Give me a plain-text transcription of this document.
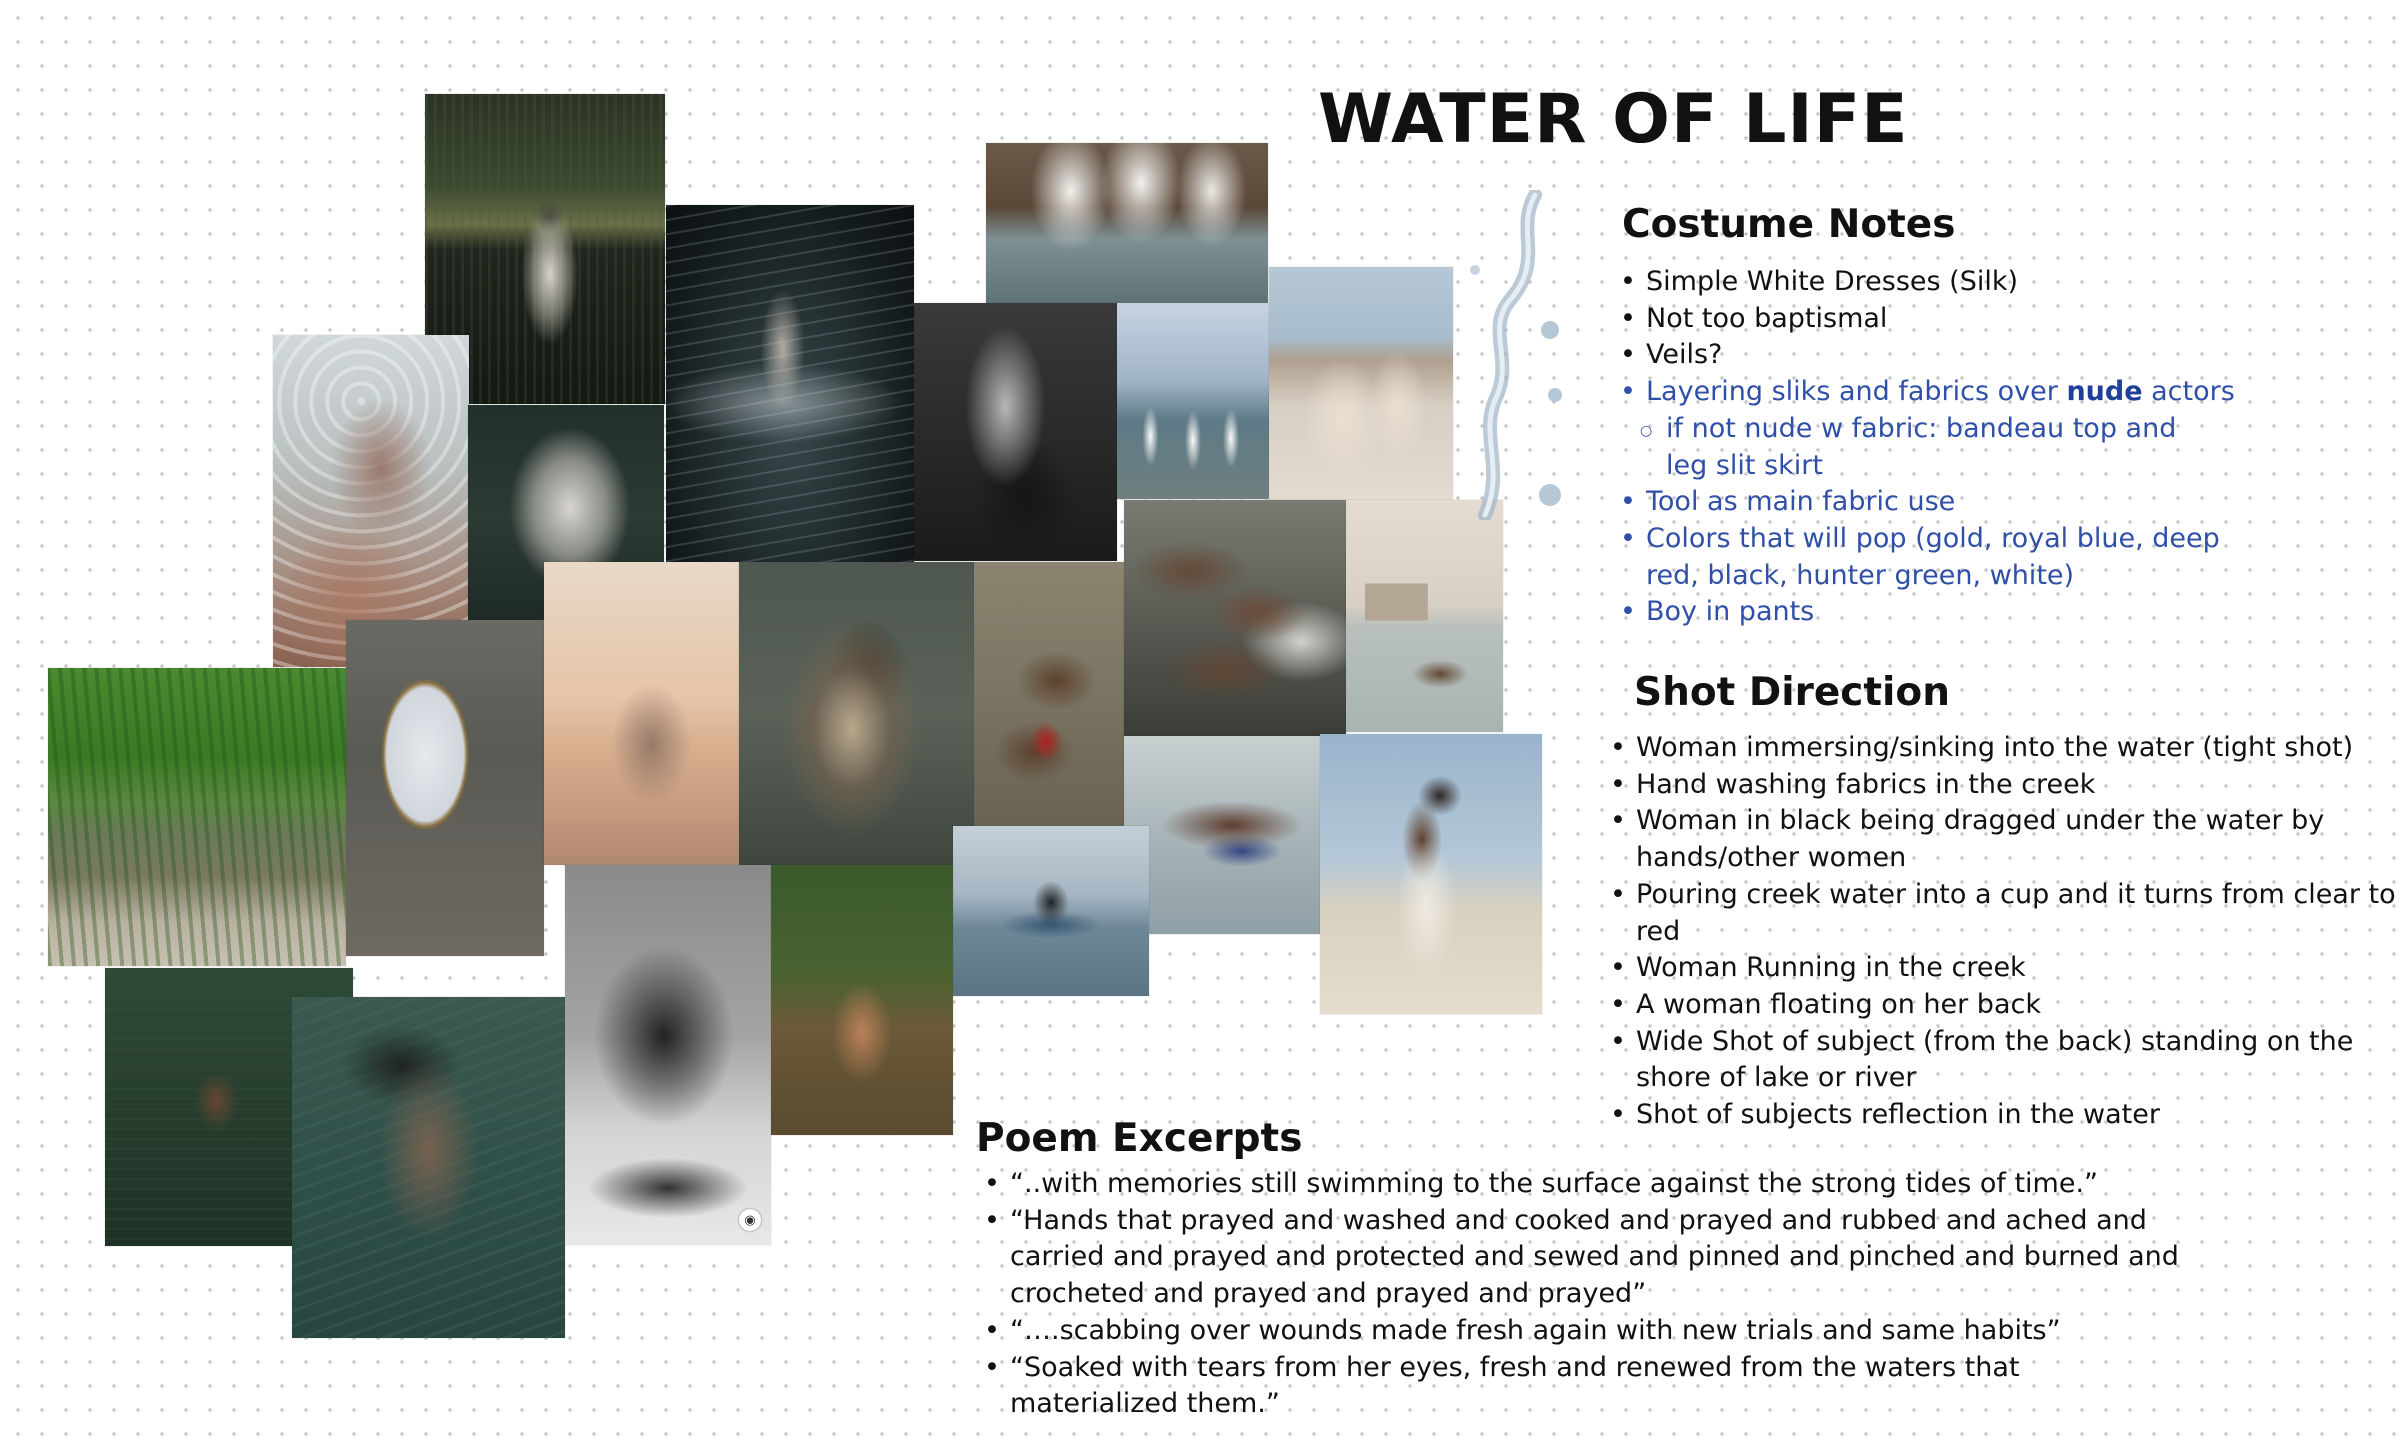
◉
WATER OF LIFE
Costume Notes
• Simple White Dresses (Silk)
• Not too baptismal
• Veils?
• Layering sliks and fabrics over nude actors
○ if not nude w fabric: bandeau top and leg slit skirt
• Tool as main fabric use
• Colors that will pop (gold, royal blue, deep red, black, hunter green, white)
• Boy in pants
Shot Direction
• Woman immersing/sinking into the water (tight shot)
• Hand washing fabrics in the creek
• Woman in black being dragged under the water by hands/other women
• Pouring creek water into a cup and it turns from clear to red
• Woman Running in the creek
• A woman floating on her back
• Wide Shot of subject (from the back) standing on the shore of lake or river
• Shot of subjects reflection in the water
Poem Excerpts
• “..with memories still swimming to the surface against the strong tides of time.”
• “Hands that prayed and washed and cooked and prayed and rubbed and ached and carried and prayed and protected and sewed and pinned and pinched and burned and crocheted and prayed and prayed and prayed”
• “….scabbing over wounds made fresh again with new trials and same habits”
• “Soaked with tears from her eyes, fresh and renewed from the waters that materialized them.”
